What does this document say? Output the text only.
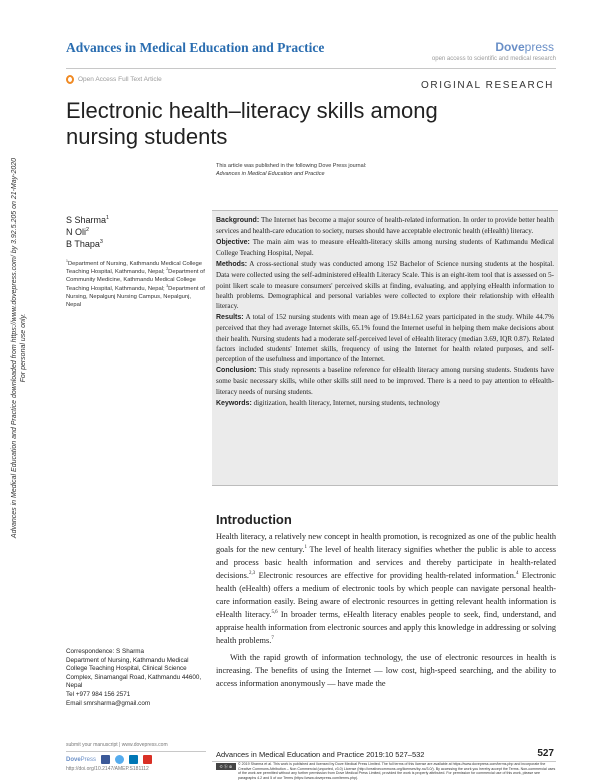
Advances in Medical Education and Practice	Dovepress
open access to scientific and medical research
Open Access Full Text Article
ORIGINAL RESEARCH
Electronic health–literacy skills among nursing students
This article was published in the following Dove Press journal:
Advances in Medical Education and Practice
Advances in Medical Education and Practice downloaded from https://www.dovepress.com/ by 3.92.5.205 on 21-May-2020 For personal use only.
S Sharma$^1$
N Oli$^2$
B Thapa$^3$
$^1$Department of Nursing, Kathmandu Medical College Teaching Hospital, Kathmandu, Nepal; $^2$Department of Community Medicine, Kathmandu Medical College Teaching Hospital, Kathmandu, Nepal; $^3$Department of Nursing, Nepalgunj Nursing Campus, Nepalgunj, Nepal

Background: The Internet has become a major source of health-related information. In order to provide better health services and health-care education to society, nurses should have acceptable electronic health (eHealth) literacy.

Objective: The main aim was to measure eHealth-literacy skills among nursing students of Kathmandu Medical College Teaching Hospital, Nepal.

Methods: A cross-sectional study was conducted among 152 Bachelor of Science nursing students at the hospital. Data were collected using the self-administered eHealth Literacy Scale. This is an eight-item tool that is assessed on 5-point likert scale to measure consumers' perceived skills at finding, evaluating, and applying eHealth information to health problems. Demographical and personal variables were collected to explore their relationship with eHealth literacy.

Results: A total of 152 nursing students with mean age of 19.84±1.62 years participated in the study. While 44.7% perceived that they had average Internet skills, 65.1% found the Internet useful in helping them make decisions about their health. Nursing students had a moderate self-perceived level of eHealth literacy (median 3.69, IQR 0.87). Related factors included students' Internet skills, frequency of using the Internet for health related purposes, and self-perception of the usefulness and importance of the Internet.

Conclusion: This study represents a baseline reference for eHealth literacy among nursing students. Students have some basic necessary skills, while other skills still need to be improved. There is a need to pay attention to eHealth-literacy needs of nursing students.

Keywords: digitization, health literacy, Internet, nursing students, technology

Introduction

Health literacy, a relatively new concept in health promotion, is recognized as one of the public health goals for the new century.$^1$ The level of health literacy signifies whether the public is able to access and process basic health information and services and thereby participate in health-related decisions.$^{2,3}$ Electronic resources are effective for providing health-related information.$^4$ Electronic health (eHealth) offers a medium of electronic tools by which people can navigate personal health-care information easily. Being aware of electronic resources in getting relevant health information is eHealth literacy.$^{5,6}$ In broader terms, eHealth literacy enables people to seek, find, understand, and appraise health information from electronic sources and apply this knowledge in addressing or solving health problems.$^7$

With the rapid growth of information technology, the use of electronic resources in health is increasing. The benefits of using the Internet — low cost, high-speed searching, and the ability to access information anonymously — have made the

Correspondence: S Sharma
Department of Nursing, Kathmandu Medical College Teaching Hospital, Clinical Science Complex, Sinamangal Road, Kathmandu 44600, Nepal
Tel +977 984 156 2571
Email smrsharma@gmail.com
submit your manuscript | www.dovepress.com
DovePress
http://doi.org/10.2147/AMEP.S181112
Advances in Medical Education and Practice 2019:10 527–532	527
© ⓑ ⊜	© 2019 Sharma et al. This work is published and licensed by Dove Medical Press Limited. The full terms of this license are available at https://www.dovepress.com/terms.php and incorporate the Creative Commons Attribution – Non Commercial (unported, v3.0) License (http://creativecommons.org/licenses/by-nc/3.0/). By accessing the work you hereby accept the Terms. Non-commercial uses of the work are permitted without any further permission from Dove Medical Press Limited, provided the work is properly attributed. For permission for commercial use of this work, please see paragraphs 4.2 and 5 of our Terms (https://www.dovepress.com/terms.php).
